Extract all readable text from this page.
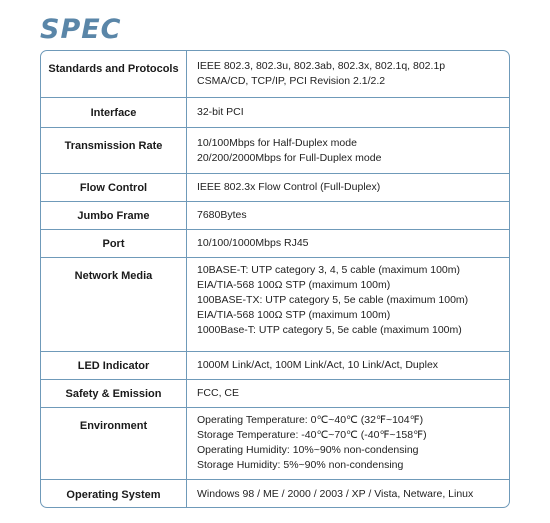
SPEC
Standards and Protocols	IEEE 802.3, 802.3u, 802.3ab, 802.3x, 802.1q, 802.1p
CSMA/CD, TCP/IP, PCI Revision 2.1/2.2
Interface	32-bit PCI
Transmission Rate	10/100Mbps for Half-Duplex mode
20/200/2000Mbps for Full-Duplex mode
Flow Control	IEEE 802.3x Flow Control (Full-Duplex)
Jumbo Frame	7680Bytes
Port	10/100/1000Mbps RJ45
Network Media	10BASE-T: UTP category 3, 4, 5 cable (maximum 100m)
EIA/TIA-568 100Ω STP (maximum 100m)
100BASE-TX: UTP category 5, 5e cable (maximum 100m)
EIA/TIA-568 100Ω STP (maximum 100m)
1000Base-T: UTP category 5, 5e cable (maximum 100m)
LED Indicator	1000M Link/Act, 100M Link/Act, 10 Link/Act, Duplex
Safety & Emission	FCC, CE
Environment	Operating Temperature: 0℃~40℃ (32℉~104℉)
Storage Temperature: -40℃~70℃ (-40℉~158℉)
Operating Humidity: 10%~90% non-condensing
Storage Humidity: 5%~90% non-condensing
Operating System	Windows 98 / ME / 2000 / 2003 / XP / Vista, Netware, Linux
